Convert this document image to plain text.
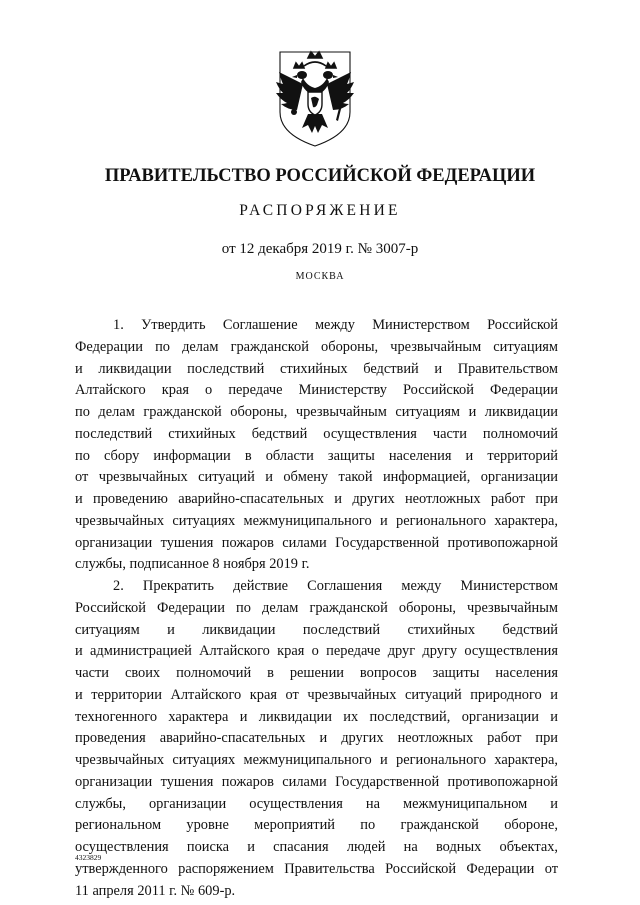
ПРАВИТЕЛЬСТВО РОССИЙСКОЙ ФЕДЕРАЦИИ
РАСПОРЯЖЕНИЕ
от 12 декабря 2019 г. № 3007-р
МОСКВА
1. Утвердить Соглашение между Министерством Российской
Федерации по делам гражданской обороны, чрезвычайным ситуациям
и ликвидации последствий стихийных бедствий и Правительством
Алтайского края о передаче Министерству Российской Федерации
по делам гражданской обороны, чрезвычайным ситуациям и ликвидации
последствий стихийных бедствий осуществления части полномочий
по сбору информации в области защиты населения и территорий
от чрезвычайных ситуаций и обмену такой информацией, организации
и проведению аварийно-спасательных и других неотложных работ при
чрезвычайных ситуациях межмуниципального и регионального характера,
организации тушения пожаров силами Государственной противопожарной
службы, подписанное 8 ноября 2019 г.
2. Прекратить действие Соглашения между Министерством
Российской Федерации по делам гражданской обороны, чрезвычайным
ситуациям и ликвидации последствий стихийных бедствий
и администрацией Алтайского края о передаче друг другу осуществления
части своих полномочий в решении вопросов защиты населения
и территории Алтайского края от чрезвычайных ситуаций природного и
техногенного характера и ликвидации их последствий, организации и
проведения аварийно-спасательных и других неотложных работ при
чрезвычайных ситуациях межмуниципального и регионального характера,
организации тушения пожаров силами Государственной противопожарной
службы, организации осуществления на межмуниципальном и
региональном уровне мероприятий по гражданской обороне,
осуществления поиска и спасания людей на водных объектах,
утвержденного распоряжением Правительства Российской Федерации от
11 апреля 2011 г. № 609-р.
4323829
